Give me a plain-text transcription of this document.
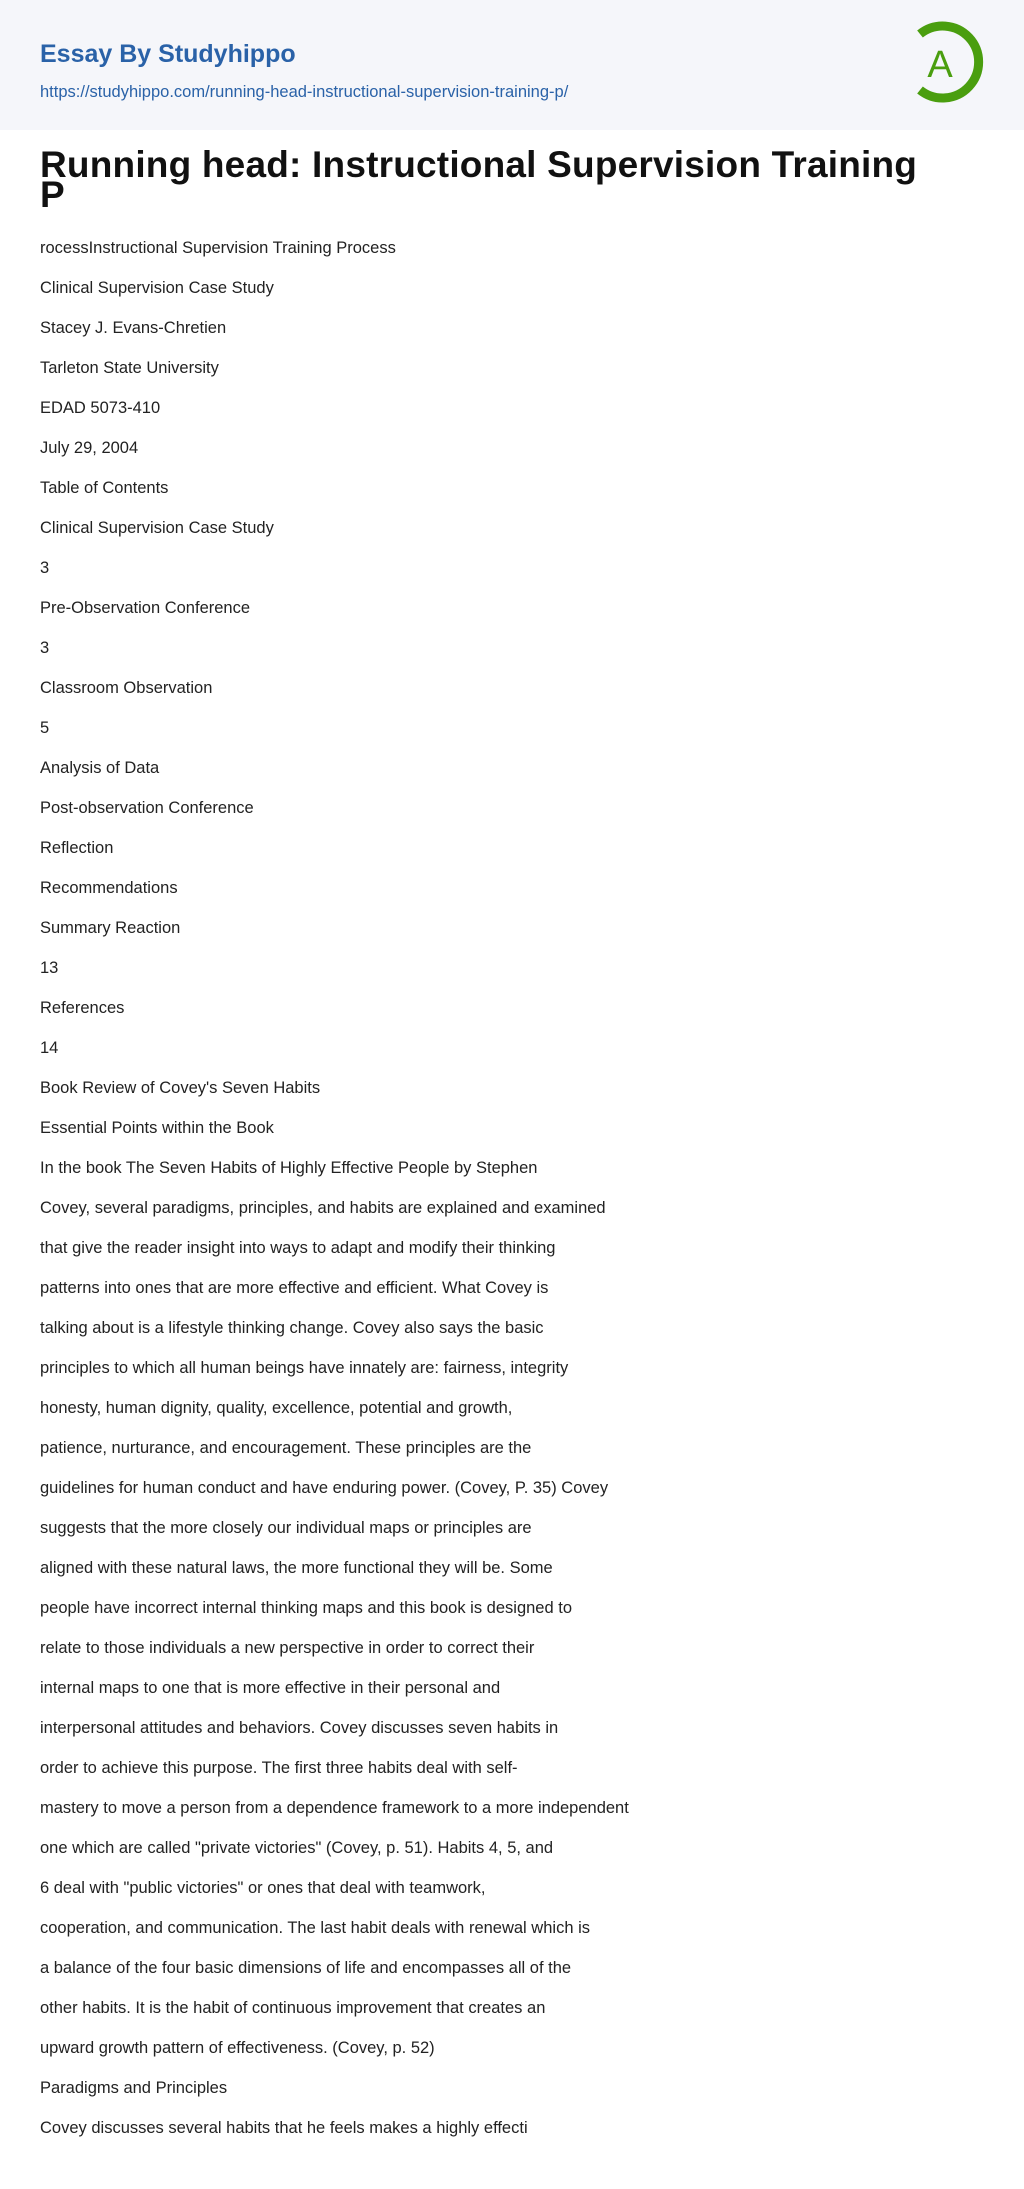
Essay By Studyhippo
https://studyhippo.com/running-head-instructional-supervision-training-p/
A
Running head: Instructional Supervision Training P
rocessInstructional Supervision Training Process
Clinical Supervision Case Study
Stacey J. Evans-Chretien
Tarleton State University
EDAD 5073-410
July 29, 2004
Table of Contents
Clinical Supervision Case Study
3
Pre-Observation Conference
3
Classroom Observation
5
Analysis of Data
Post-observation Conference
Reflection
Recommendations
Summary Reaction
13
References
14
Book Review of Covey's Seven Habits
Essential Points within the Book
In the book The Seven Habits of Highly Effective People by Stephen
Covey, several paradigms, principles, and habits are explained and examined
that give the reader insight into ways to adapt and modify their thinking
patterns into ones that are more effective and efficient. What Covey is
talking about is a lifestyle thinking change. Covey also says the basic
principles to which all human beings have innately are: fairness, integrity
honesty, human dignity, quality, excellence, potential and growth,
patience, nurturance, and encouragement. These principles are the
guidelines for human conduct and have enduring power. (Covey, P. 35) Covey
suggests that the more closely our individual maps or principles are
aligned with these natural laws, the more functional they will be. Some
people have incorrect internal thinking maps and this book is designed to
relate to those individuals a new perspective in order to correct their
internal maps to one that is more effective in their personal and
interpersonal attitudes and behaviors. Covey discusses seven habits in
order to achieve this purpose. The first three habits deal with self-
mastery to move a person from a dependence framework to a more independent
one which are called "private victories" (Covey, p. 51). Habits 4, 5, and
6 deal with "public victories" or ones that deal with teamwork,
cooperation, and communication. The last habit deals with renewal which is
a balance of the four basic dimensions of life and encompasses all of the
other habits. It is the habit of continuous improvement that creates an
upward growth pattern of effectiveness. (Covey, p. 52)
Paradigms and Principles
Covey discusses several habits that he feels makes a highly effecti
